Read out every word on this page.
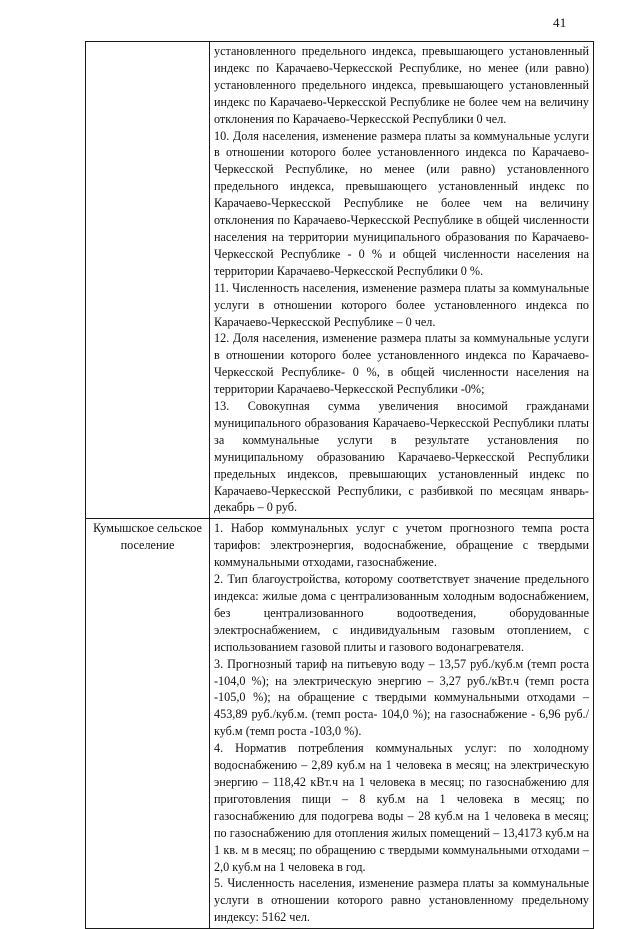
41

	установленного предельного индекса, превышающего установленный индекс по Карачаево-Черкесской Республике, но менее (или равно) установленного предельного индекса, превышающего установленный индекс по Карачаево-Черкесской Республике не более чем на величину отклонения по Карачаево-Черкесской Республики 0 чел.

10. Доля населения, изменение размера платы за коммунальные услуги в отношении которого более установленного индекса по Карачаево-Черкесской Республике, но менее (или равно) установленного предельного индекса, превышающего установленный индекс по Карачаево-Черкесской Республике не более чем на величину отклонения по Карачаево-Черкесской Республике в общей численности населения на территории муниципального образования по Карачаево-Черкесской Республике - 0 % и общей численности населения на территории Карачаево-Черкесской Республики 0 %.

11. Численность населения, изменение размера платы за коммунальные услуги в отношении которого более установленного индекса по Карачаево-Черкесской Республике – 0 чел.

12. Доля населения, изменение размера платы за коммунальные услуги в отношении которого более установленного индекса по Карачаево-Черкесской Республике- 0 %, в общей численности населения на территории Карачаево-Черкесской Республики -0%;

13. Совокупная сумма увеличения вносимой гражданами муниципального образования Карачаево-Черкесской Республики платы за коммунальные услуги в результате установления по муниципальному образованию Карачаево-Черкесской Республики предельных индексов, превышающих установленный индекс по Карачаево-Черкесской Республики, с разбивкой по месяцам январь-декабрь – 0 руб.

Кумышское сельское поселение	1. Набор коммунальных услуг с учетом прогнозного темпа роста тарифов: электроэнергия, водоснабжение, обращение с твердыми коммунальными отходами, газоснабжение.

2. Тип благоустройства, которому соответствует значение предельного индекса: жилые дома с централизованным холодным водоснабжением, без централизованного водоотведения, оборудованные электроснабжением, с индивидуальным газовым отоплением, с использованием газовой плиты и газового водонагревателя.

3. Прогнозный тариф на питьевую воду – 13,57 руб./куб.м (темп роста -104,0 %); на электрическую энергию – 3,27 руб./кВт.ч (темп роста -105,0 %); на обращение с твердыми коммунальными отходами – 453,89 руб./куб.м. (темп роста- 104,0 %); на газоснабжение - 6,96 руб./куб.м (темп роста -103,0 %).

4. Норматив потребления коммунальных услуг: по холодному водоснабжению – 2,89 куб.м на 1 человека в месяц; на электрическую энергию – 118,42 кВт.ч на 1 человека в месяц; по газоснабжению для приготовления пищи – 8 куб.м на 1 человека в месяц; по газоснабжению для подогрева воды – 28 куб.м на 1 человека в месяц; по газоснабжению для отопления жилых помещений – 13,4173 куб.м на 1 кв. м в месяц; по обращению с твердыми коммунальными отходами – 2,0 куб.м на 1 человека в год.

5. Численность населения, изменение размера платы за коммунальные услуги в отношении которого равно установленному предельному индексу: 5162 чел.
